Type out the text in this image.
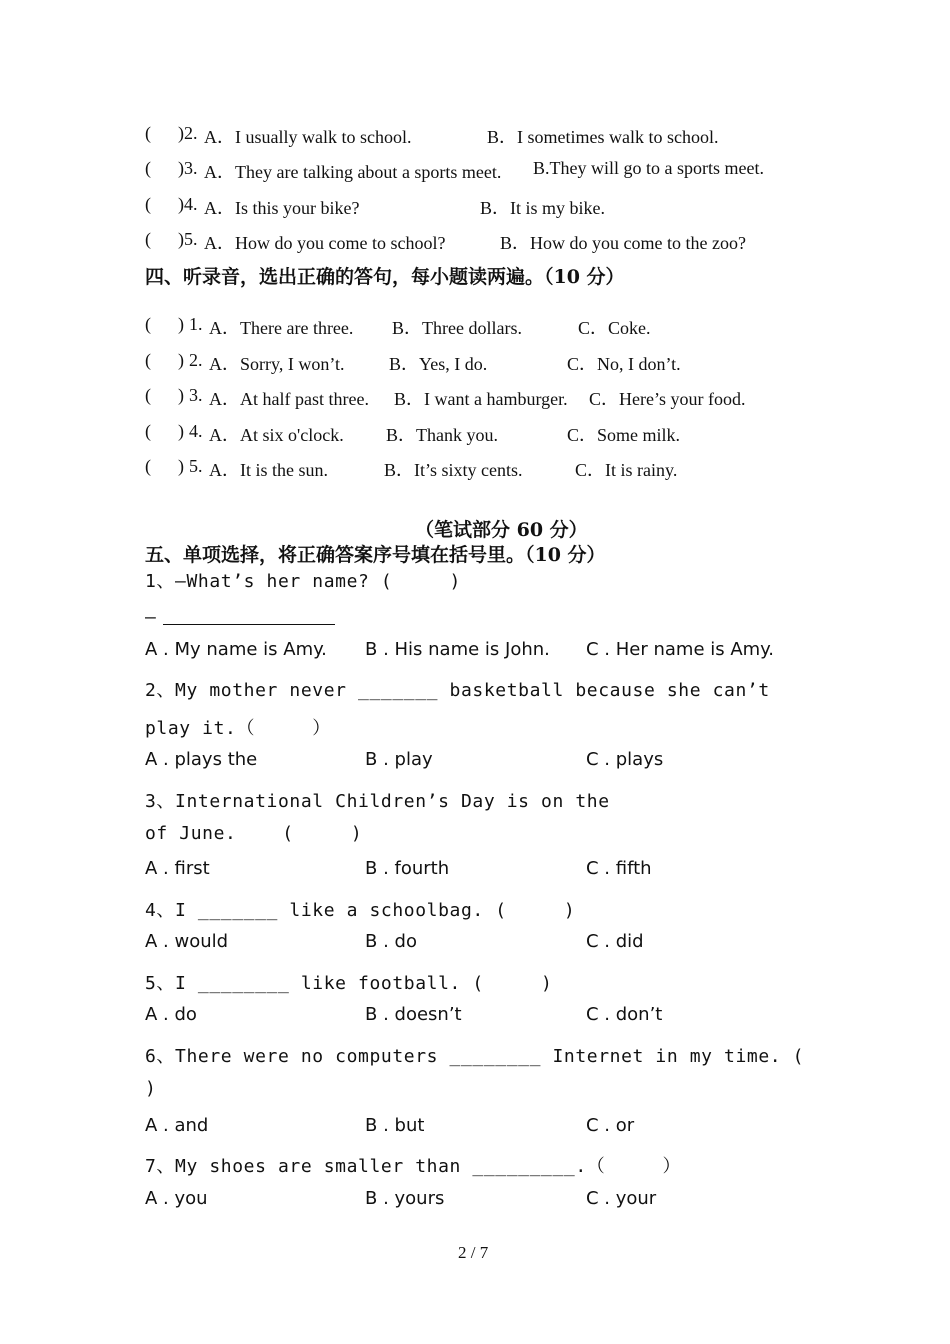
(      ) 2. A．I usually walk to school.	B．I sometimes walk to school.
(      ) 3. A．They are talking about a sports meet. B.They will go to a sports meet.
(      ) 4. A．Is this your bike?	B．It is my bike.
(      ) 5. A．How do you come to school?	B．How do you come to the zoo?
四、听录音，选出正确的答句，每小题读两遍。（10 分）
(      ) 1. A．There are three. B．Three dollars.	C．Coke.
(      ) 2. A．Sorry, I won’t. B．Yes, I do.	C．No, I don’t.
(      ) 3. A．At half past three. B．I want a hamburger. C．Here’s your food.
(      ) 4. A．At six o'clock. B．Thank you.	C．Some milk.
(      ) 5. A．It is the sun.	B．It’s sixty cents.	C．It is rainy.
（笔试部分 60 分）
五、单项选择，将正确答案序号填在括号里。（10 分）
1、—What’s her name? (     )
—
A . My name is Amy. B . His name is John. C . Her name is Amy.
2、My mother never _______ basketball because she can’t
play it.（     ）
A . plays the	B . play	C . plays
3、International Children’s Day is on the
of June.    (     )
A . first	B . fourth	C . fifth
4、I _______ like a schoolbag. (     )
A . would	B . do	C . did
5、I ________ like football. (     )
A . do	B . doesn’t	C . don’t
6、There were no computers ________ Internet in my time. (
)
A . and	B . but	C . or
7、My shoes are smaller than _________.（     ）
A . you	B . yours	C . your
2 / 7
